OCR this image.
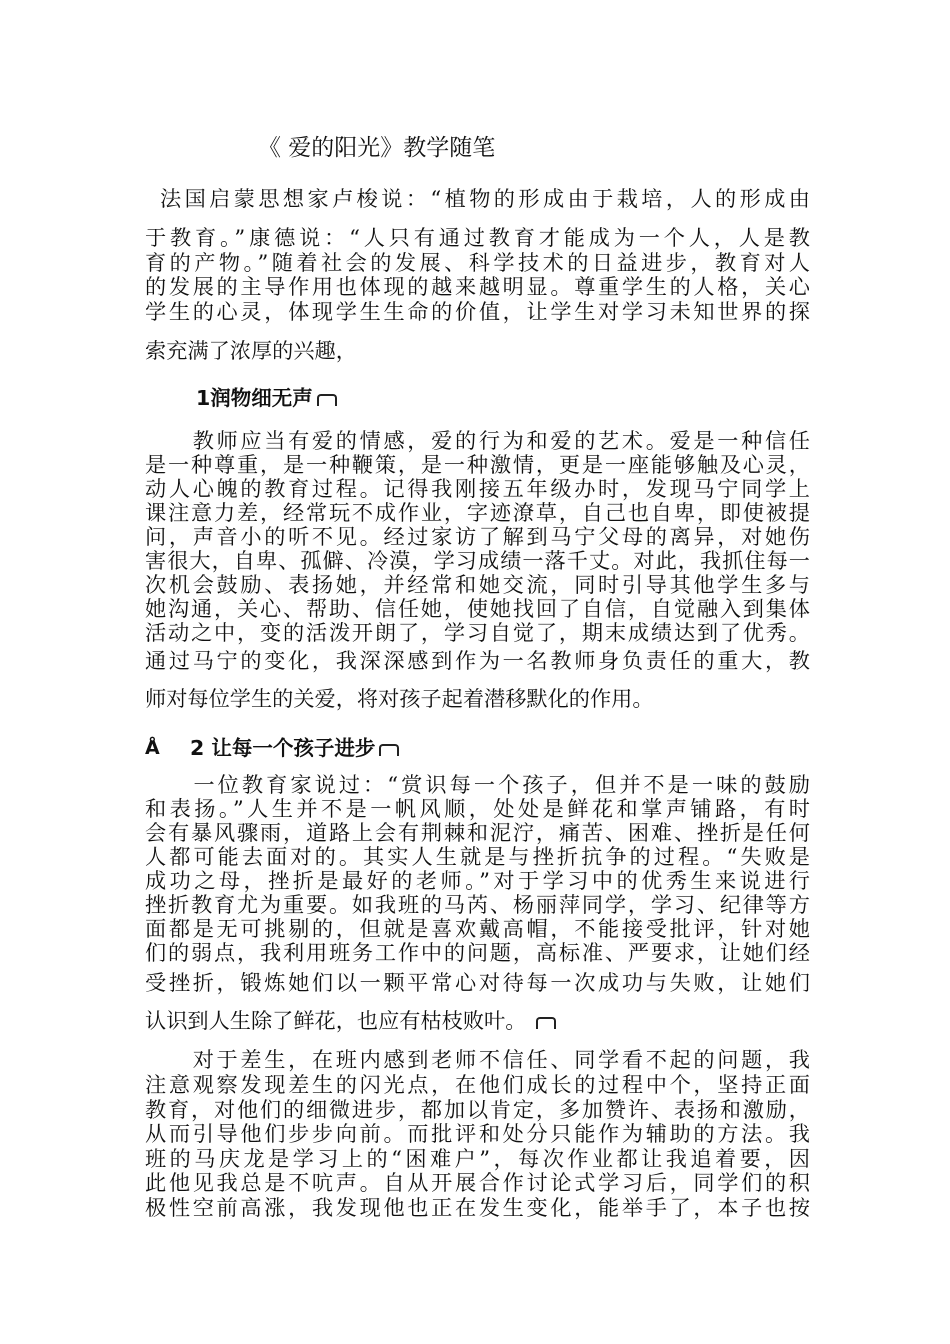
《 爱的阳光》教学随笔
法国启蒙思想家卢梭说：“植物的形成由于栽培，人的形成由
于教育。”康德说：“人只有通过教育才能成为一个人，人是教
育的产物。”随着社会的发展、科学技术的日益进步，教育对人
的发展的主导作用也体现的越来越明显。尊重学生的人格，关心
学生的心灵，体现学生生命的价值，让学生对学习未知世界的探
索充满了浓厚的兴趣，
1润物细无声
　　教师应当有爱的情感，爱的行为和爱的艺术。爱是一种信任
是一种尊重，是一种鞭策，是一种激情，更是一座能够触及心灵，
动人心魄的教育过程。记得我刚接五年级办时，发现马宁同学上
课注意力差，经常玩不成作业，字迹潦草，自己也自卑，即使被提
问，声音小的听不见。经过家访了解到马宁父母的离异，对她伤
害很大，自卑、孤僻、冷漠，学习成绩一落千丈。对此，我抓住每一
次机会鼓励、表扬她，并经常和她交流，同时引导其他学生多与
她沟通，关心、帮助、信任她，使她找回了自信，自觉融入到集体
活动之中，变的活泼开朗了，学习自觉了，期末成绩达到了优秀。
通过马宁的变化，我深深感到作为一名教师身负责任的重大，教
师对每位学生的关爱，将对孩子起着潜移默化的作用。
Å 2 让每一个孩子进步
　　一位教育家说过：“赏识每一个孩子，但并不是一味的鼓励
和表扬。”人生并不是一帆风顺，处处是鲜花和掌声铺路，有时
会有暴风骤雨，道路上会有荆棘和泥泞，痛苦、困难、挫折是任何
人都可能去面对的。其实人生就是与挫折抗争的过程。“失败是
成功之母，挫折是最好的老师。”对于学习中的优秀生来说进行
挫折教育尤为重要。如我班的马芮、杨丽萍同学，学习、纪律等方
面都是无可挑剔的，但就是喜欢戴高帽，不能接受批评，针对她
们的弱点，我利用班务工作中的问题，高标准、严要求，让她们经
受挫折，锻炼她们以一颗平常心对待每一次成功与失败，让她们
认识到人生除了鲜花，也应有枯枝败叶。
　　对于差生，在班内感到老师不信任、同学看不起的问题，我
注意观察发现差生的闪光点，在他们成长的过程中个，坚持正面
教育，对他们的细微进步，都加以肯定，多加赞许、表扬和激励，
从而引导他们步步向前。而批评和处分只能作为辅助的方法。我
班的马庆龙是学习上的“困难户”，每次作业都让我追着要，因
此他见我总是不吭声。自从开展合作讨论式学习后，同学们的积
极性空前高涨，我发现他也正在发生变化，能举手了，本子也按
